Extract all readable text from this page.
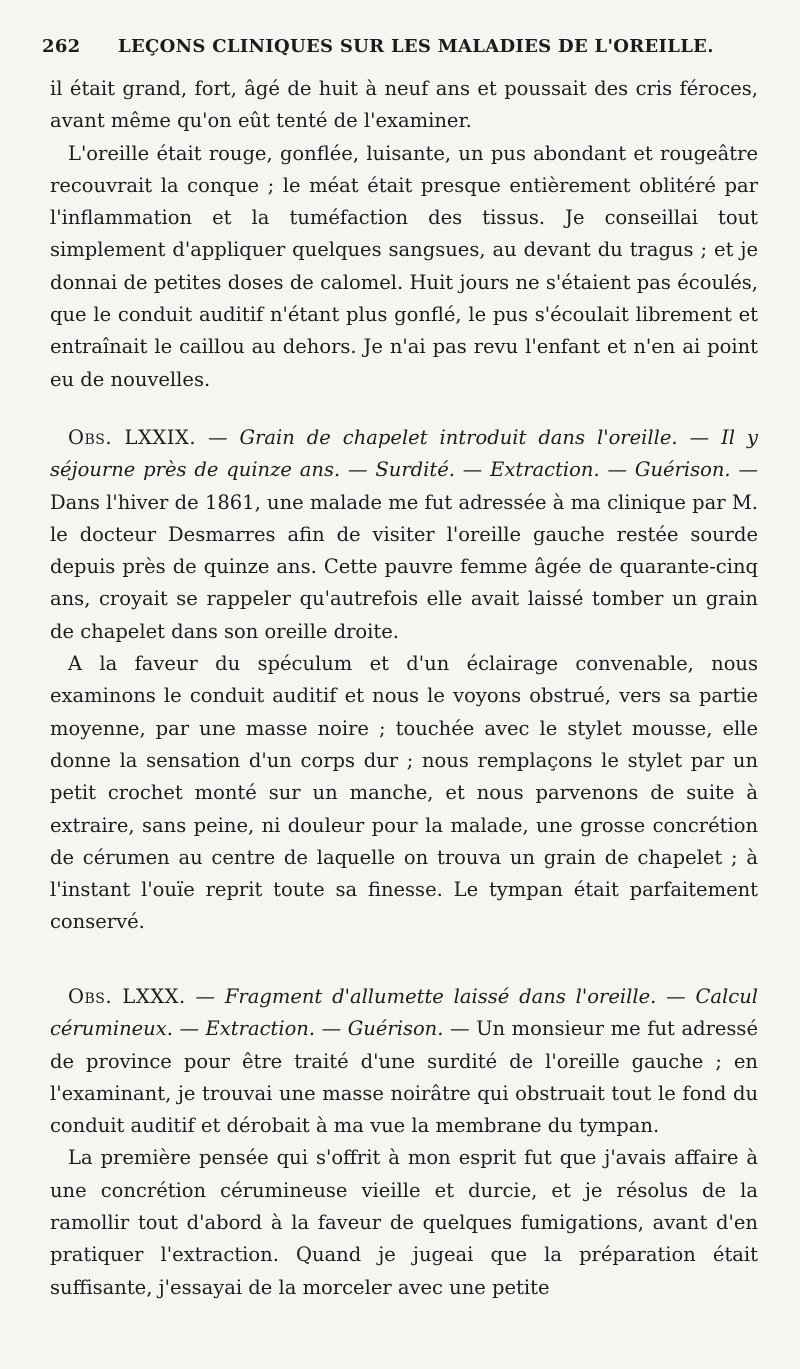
262 LEÇONS CLINIQUES SUR LES MALADIES DE L'OREILLE.

il était grand, fort, âgé de huit à neuf ans et poussait des cris féroces, avant même qu'on eût tenté de l'examiner.

L'oreille était rouge, gonflée, luisante, un pus abondant et rougeâtre recouvrait la conque ; le méat était presque entièrement oblitéré par l'inflammation et la tuméfaction des tissus. Je conseillai tout simplement d'appliquer quelques sangsues, au devant du tragus ; et je donnai de petites doses de calomel. Huit jours ne s'étaient pas écoulés, que le conduit auditif n'étant plus gonflé, le pus s'écoulait librement et entraînait le caillou au dehors. Je n'ai pas revu l'enfant et n'en ai point eu de nouvelles.

Obs. LXXIX. — Grain de chapelet introduit dans l'oreille. — Il y séjourne près de quinze ans. — Surdité. — Extraction. — Guérison. — Dans l'hiver de 1861, une malade me fut adressée à ma clinique par M. le docteur Desmarres afin de visiter l'oreille gauche restée sourde depuis près de quinze ans. Cette pauvre femme âgée de quarante-cinq ans, croyait se rappeler qu'autrefois elle avait laissé tomber un grain de chapelet dans son oreille droite.

A la faveur du spéculum et d'un éclairage convenable, nous examinons le conduit auditif et nous le voyons obstrué, vers sa partie moyenne, par une masse noire ; touchée avec le stylet mousse, elle donne la sensation d'un corps dur ; nous remplaçons le stylet par un petit crochet monté sur un manche, et nous parvenons de suite à extraire, sans peine, ni douleur pour la malade, une grosse concrétion de cérumen au centre de laquelle on trouva un grain de chapelet ; à l'instant l'ouïe reprit toute sa finesse. Le tympan était parfaitement conservé.

Obs. LXXX. — Fragment d'allumette laissé dans l'oreille. — Calcul cérumineux. — Extraction. — Guérison. — Un monsieur me fut adressé de province pour être traité d'une surdité de l'oreille gauche ; en l'examinant, je trouvai une masse noirâtre qui obstruait tout le fond du conduit auditif et dérobait à ma vue la membrane du tympan.

La première pensée qui s'offrit à mon esprit fut que j'avais affaire à une concrétion cérumineuse vieille et durcie, et je résolus de la ramollir tout d'abord à la faveur de quelques fumigations, avant d'en pratiquer l'extraction. Quand je jugeai que la préparation était suffisante, j'essayai de la morceler avec une petite
